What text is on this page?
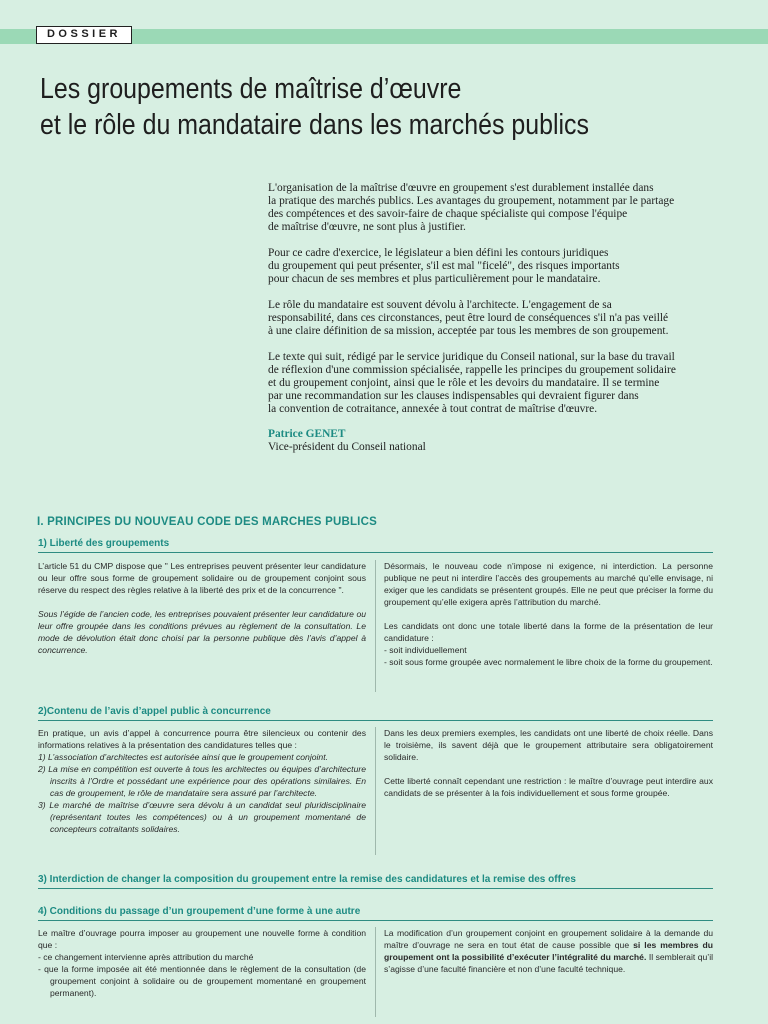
DOSSIER
Les groupements de maîtrise d’œuvre
et le rôle du mandataire dans les marchés publics

L'organisation de la maîtrise d'œuvre en groupement s'est durablement installée dans
la pratique des marchés publics. Les avantages du groupement, notamment par le partage
des compétences et des savoir-faire de chaque spécialiste qui compose l'équipe
de maîtrise d'œuvre, ne sont plus à justifier.

Pour ce cadre d'exercice, le législateur a bien défini les contours juridiques
du groupement qui peut présenter, s'il est mal "ficelé", des risques importants
pour chacun de ses membres et plus particulièrement pour le mandataire.

Le rôle du mandataire est souvent dévolu à l'architecte. L'engagement de sa
responsabilité, dans ces circonstances, peut être lourd de conséquences s'il n'a pas veillé
à une claire définition de sa mission, acceptée par tous les membres de son groupement.

Le texte qui suit, rédigé par le service juridique du Conseil national, sur la base du travail
de réflexion d'une commission spécialisée, rappelle les principes du groupement solidaire
et du groupement conjoint, ainsi que le rôle et les devoirs du mandataire. Il se termine
par une recommandation sur les clauses indispensables qui devraient figurer dans
la convention de cotraitance, annexée à tout contrat de maîtrise d'œuvre.

Patrice GENET
Vice-président du Conseil national
I. PRINCIPES DU NOUVEAU CODE DES MARCHES PUBLICS
1) Liberté des groupements

L’article 51 du CMP dispose que " Les entreprises peuvent présenter leur candidature ou leur offre sous forme de groupement solidaire ou de groupement conjoint sous réserve du respect des règles relative à la liberté des prix et de la concurrence ".

Sous l’égide de l’ancien code, les entreprises pouvaient présenter leur candidature ou leur offre groupée dans les conditions prévues au règlement de la consultation. Le mode de dévolution était donc choisi par la personne publique dès l’avis d’appel à concurrence.

Désormais, le nouveau code n’impose ni exigence, ni interdiction. La personne publique ne peut ni interdire l’accès des groupements au marché qu’elle envisage, ni exiger que les candidats se présentent groupés. Elle ne peut que préciser la forme du groupement qu’elle exigera après l’attribution du marché.

Les candidats ont donc une totale liberté dans la forme de la présentation de leur candidature :

- soit individuellement
- soit sous forme groupée avec normalement le libre choix de la forme du groupement.
2)Contenu de l’avis d’appel public à concurrence

En pratique, un avis d’appel à concurrence pourra être silencieux ou contenir des informations relatives à la présentation des candidatures telles que :

1) L’association d’architectes est autorisée ainsi que le groupement conjoint.
2) La mise en compétition est ouverte à tous les architectes ou équipes d’architecture inscrits à l’Ordre et possédant une expérience pour des opérations similaires. En cas de groupement, le rôle de mandataire sera assuré par l’architecte.
3) Le marché de maîtrise d’œuvre sera dévolu à un candidat seul pluridisciplinaire (représentant toutes les compétences) ou à un groupement momentané de concepteurs cotraitants solidaires.

Dans les deux premiers exemples, les candidats ont une liberté de choix réelle. Dans le troisième, ils savent déjà que le groupement attributaire sera obligatoirement solidaire.

Cette liberté connaît cependant une restriction : le maître d’ouvrage peut interdire aux candidats de se présenter à la fois individuellement et sous forme groupée.

3) Interdiction de changer la composition du groupement entre la remise des candidatures et la remise des offres
4) Conditions du passage d’un groupement d’une forme à une autre

Le maître d’ouvrage pourra imposer au groupement une nouvelle forme à condition que :

- ce changement intervienne après attribution du marché
- que la forme imposée ait été mentionnée dans le règlement de la consultation (de groupement conjoint à solidaire ou de groupement momentané en groupement permanent).

La modification d’un groupement conjoint en groupement solidaire à la demande du maître d’ouvrage ne sera en tout état de cause possible que si les membres du groupement ont la possibilité d’exécuter l’intégralité du marché. Il semblerait qu’il s’agisse d’une faculté financière et non d’une faculté technique.
